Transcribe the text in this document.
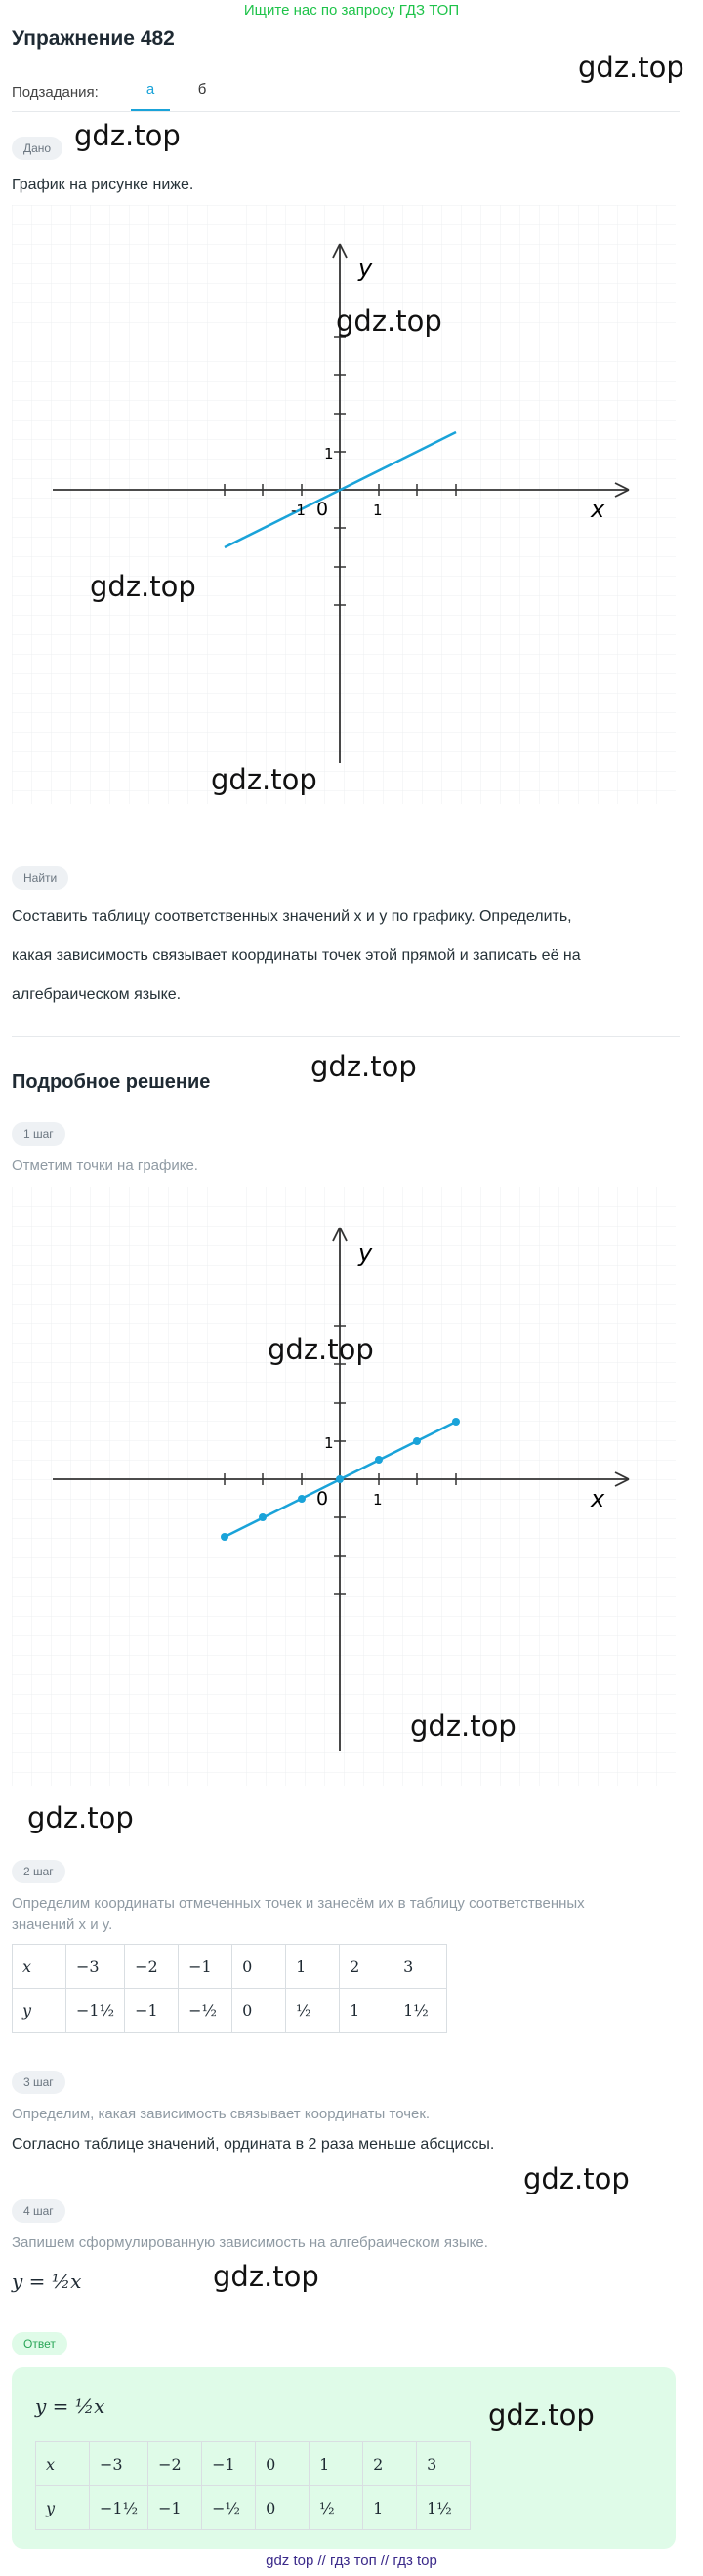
Ищите нас по запросу ГДЗ ТОП
Упражнение 482
Подзадания:	а	б
Дано
График на рисунке ниже.
y
x
0	1
1
-1
Найти
Составить таблицу соответственных значений x и y по графику. Определить,
какая зависимость связывает координаты точек этой прямой и записать её на
алгебраическом языке.
Подробное решение
1 шаг
Отметим точки на графике.
y
x
0	1
1
2 шаг
Определим координаты отмеченных точек и занесём их в таблицу соответственных
значений x и y.
x	−3	−2	−1	0	1	2	3
y	−1½	−1	−½	0	½	1	1½
3 шаг
Определим, какая зависимость связывает координаты точек.
Согласно таблице значений, ордината в 2 раза меньше абсциссы.
4 шаг
Запишем сформулированную зависимость на алгебраическом языке.
y = ½x
Ответ
y = ½x
x	−3	−2	−1	0	1	2	3
y	−1½	−1	−½	0	½	1	1½
gdz top // гдз топ // гдз top
gdz.top
gdz.top
gdz.top
gdz.top
gdz.top
gdz.top
gdz.top
gdz.top
gdz.top
gdz.top
gdz.top
gdz.top
